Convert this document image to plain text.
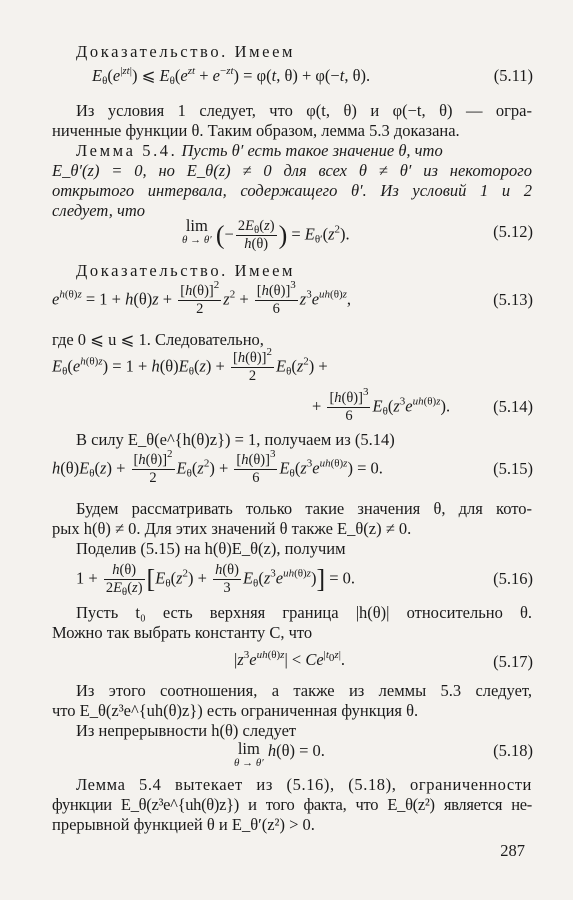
Доказательство. Имеем
$E_\theta(e^{|zt|})$ ⩽ $E_\theta(e^{zt} + e^{-zt}) = \varphi(t$, θ) + φ(−t, θ).	(5.11)
Из условия 1 следует, что φ(t, θ) и φ(−t, θ) — огра-
ниченные функции θ. Таким образом, лемма 5.3 доказана.
Лемма 5.4. Пусть θ′ есть такое значение θ, что
E_θ′(z) = 0, но E_θ(z) ≠ 0 для всех θ ≠ θ′ из некоторого
открытого интервала, содержащего θ′. Из условий 1 и 2
следует, что
lim
θ → θ′ (− $\frac{2E_\theta(z)}{h(\theta)}$ ) = $E_{\theta'}(z^2)$.	(5.12)
Доказательство. Имеем
$e^{h(\theta)z} = 1 + h(\theta)z + \frac{[h(\theta)]^2}{2} z^2 + \frac{[h(\theta)]^3}{6} z^3e^{uh(\theta)z}$,	(5.13)
где 0 ⩽ u ⩽ 1. Следовательно,
$E_\theta(e^{h(\theta)z}) = 1 + h(\theta)E_\theta(z) + \frac{[h(\theta)]^2}{2} E_\theta(z^2)$ +
+ $\frac{[h(\theta)]^3}{6} E_\theta(z^3e^{uh(\theta)z})$.	(5.14)
В силу E_θ(e^{h(θ)z}) = 1, получаем из (5.14)
$h(\theta)E_\theta(z) + \frac{[h(\theta)]^2}{2} E_\theta(z^2) + \frac{[h(\theta)]^3}{6} E_\theta(z^3e^{uh(\theta)z}) = 0$.	(5.15)
Будем рассматривать только такие значения θ, для кото-
рых h(θ) ≠ 0. Для этих значений θ также E_θ(z) ≠ 0.
Поделив (5.15) на h(θ)E_θ(z), получим
$1 + \frac{h(\theta)}{2E_\theta(z)} [E_\theta(z^2) + \frac{h(\theta)}{3} E_\theta(z^3e^{uh(\theta)z})] = 0$.	(5.16)
Пусть t₀ есть верхняя граница |h(θ)| относительно θ.
Можно так выбрать константу C, что
$|z^3e^{uh(\theta)z}| < Ce^{|t_0z|}$.	(5.17)
Из этого соотношения, а также из леммы 5.3 следует,
что E_θ(z³e^{uh(θ)z}) есть ограниченная функция θ.
Из непрерывности h(θ) следует
lim
θ → θ′
h(θ) = 0.	(5.18)
Лемма 5.4 вытекает из (5.16), (5.18), ограниченности
функции E_θ(z³e^{uh(θ)z}) и того факта, что E_θ(z²) является не-
прерывной функцией θ и E_θ′(z²) > 0.
287
